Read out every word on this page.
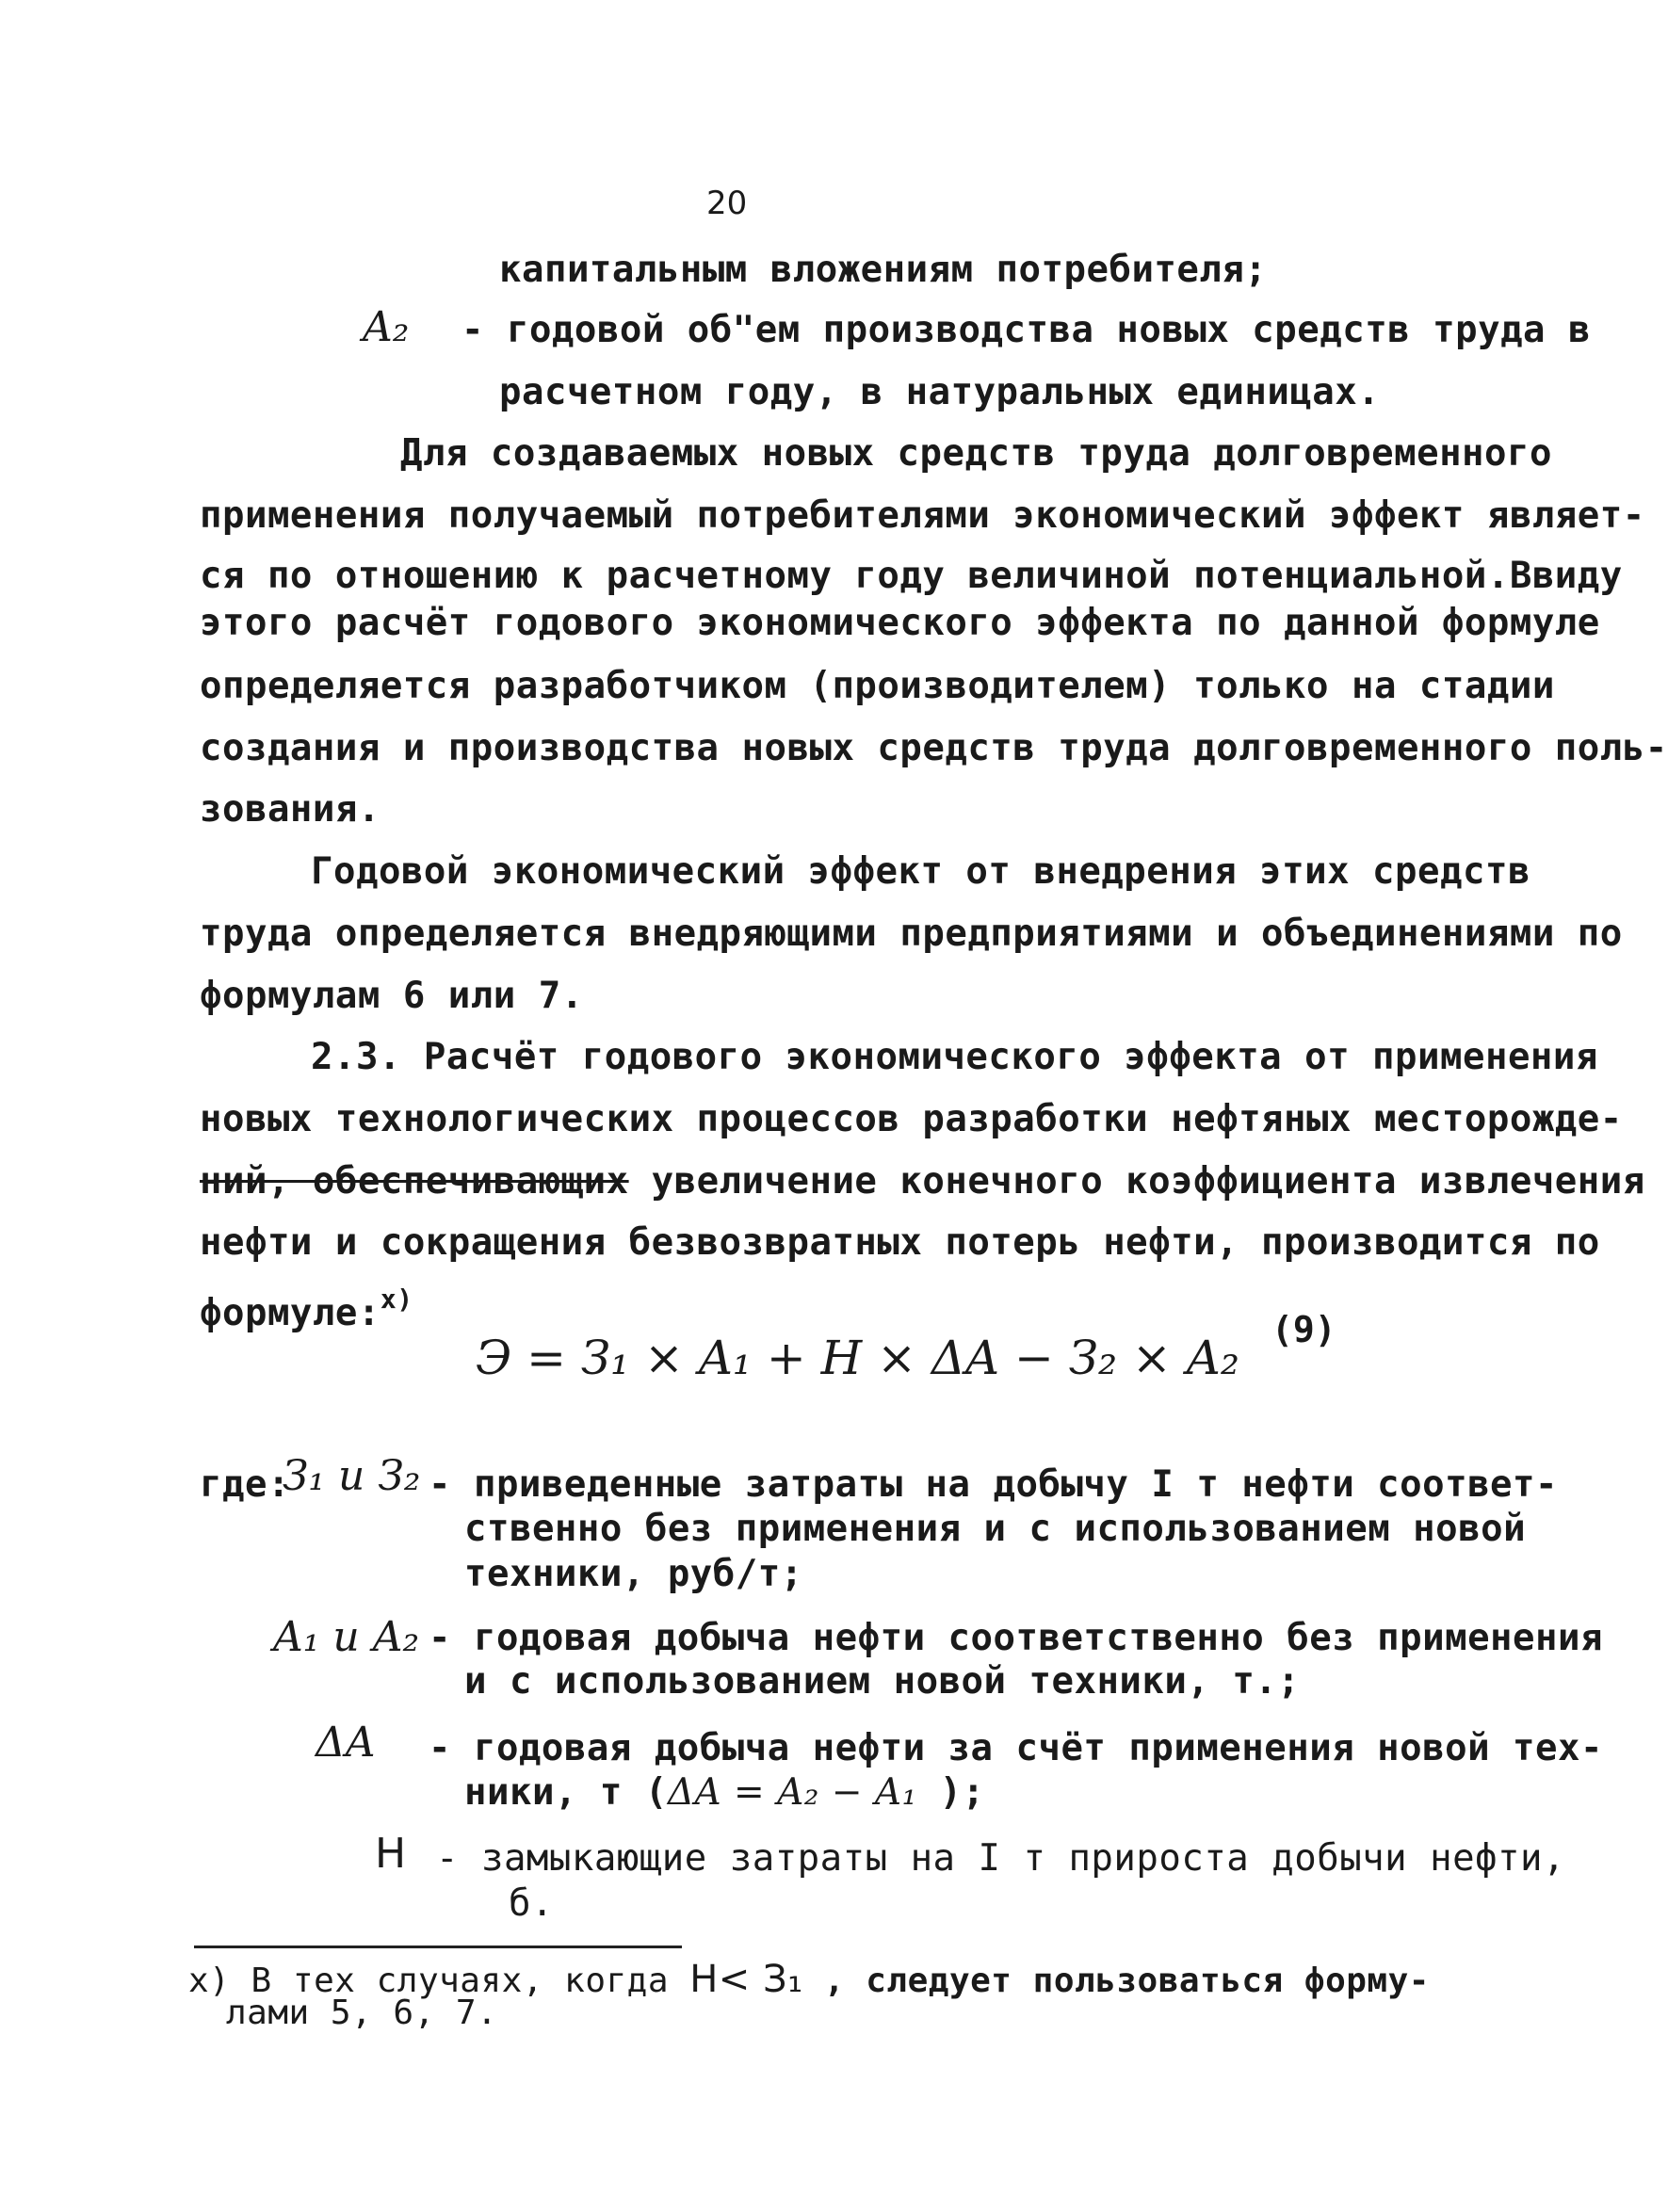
20
капитальным вложениям потребителя;
A₂ - годовой об"ем производства новых средств труда в
расчетном году, в натуральных единицах.
Для создаваемых новых средств труда долговременного
применения получаемый потребителями экономический эффект являет-
ся по отношению к расчетному году величиной потенциальной.Ввиду
этого расчёт годового экономического эффекта по данной формуле
определяется разработчиком (производителем) только на стадии
создания и производства новых средств труда долговременного поль-
зования.
Годовой экономический эффект от внедрения этих средств
труда определяется внедряющими предприятиями и объединениями по
формулам 6 или 7.
2.3. Расчёт годового экономического эффекта от применения
новых технологических процессов разработки нефтяных месторожде-
ний, обеспечивающих увеличение конечного коэффициента извлечения
нефти и сокращения безвозвратных потерь нефти, производится по
формуле:$^{x)}$
Э = З₁ × A₁ + H × ΔA − З₂ × A₂
(9)
где:
З₁ и З₂ - приведенные затраты на добычу I т нефти соответ-
ственно без применения и с использованием новой
техники, руб/т;
A₁ и A₂ - годовая добыча нефти соответственно без применения
и с использованием новой техники, т.;
ΔA - годовая добыча нефти за счёт применения новой тех-
ники, т (ΔA = A₂ − A₁ );
H - замыкающие затраты на I т прироста добычи нефти,
б.
x) В тех случаях, когда H< З₁ , следует пользоваться форму-
лами 5, 6, 7.
